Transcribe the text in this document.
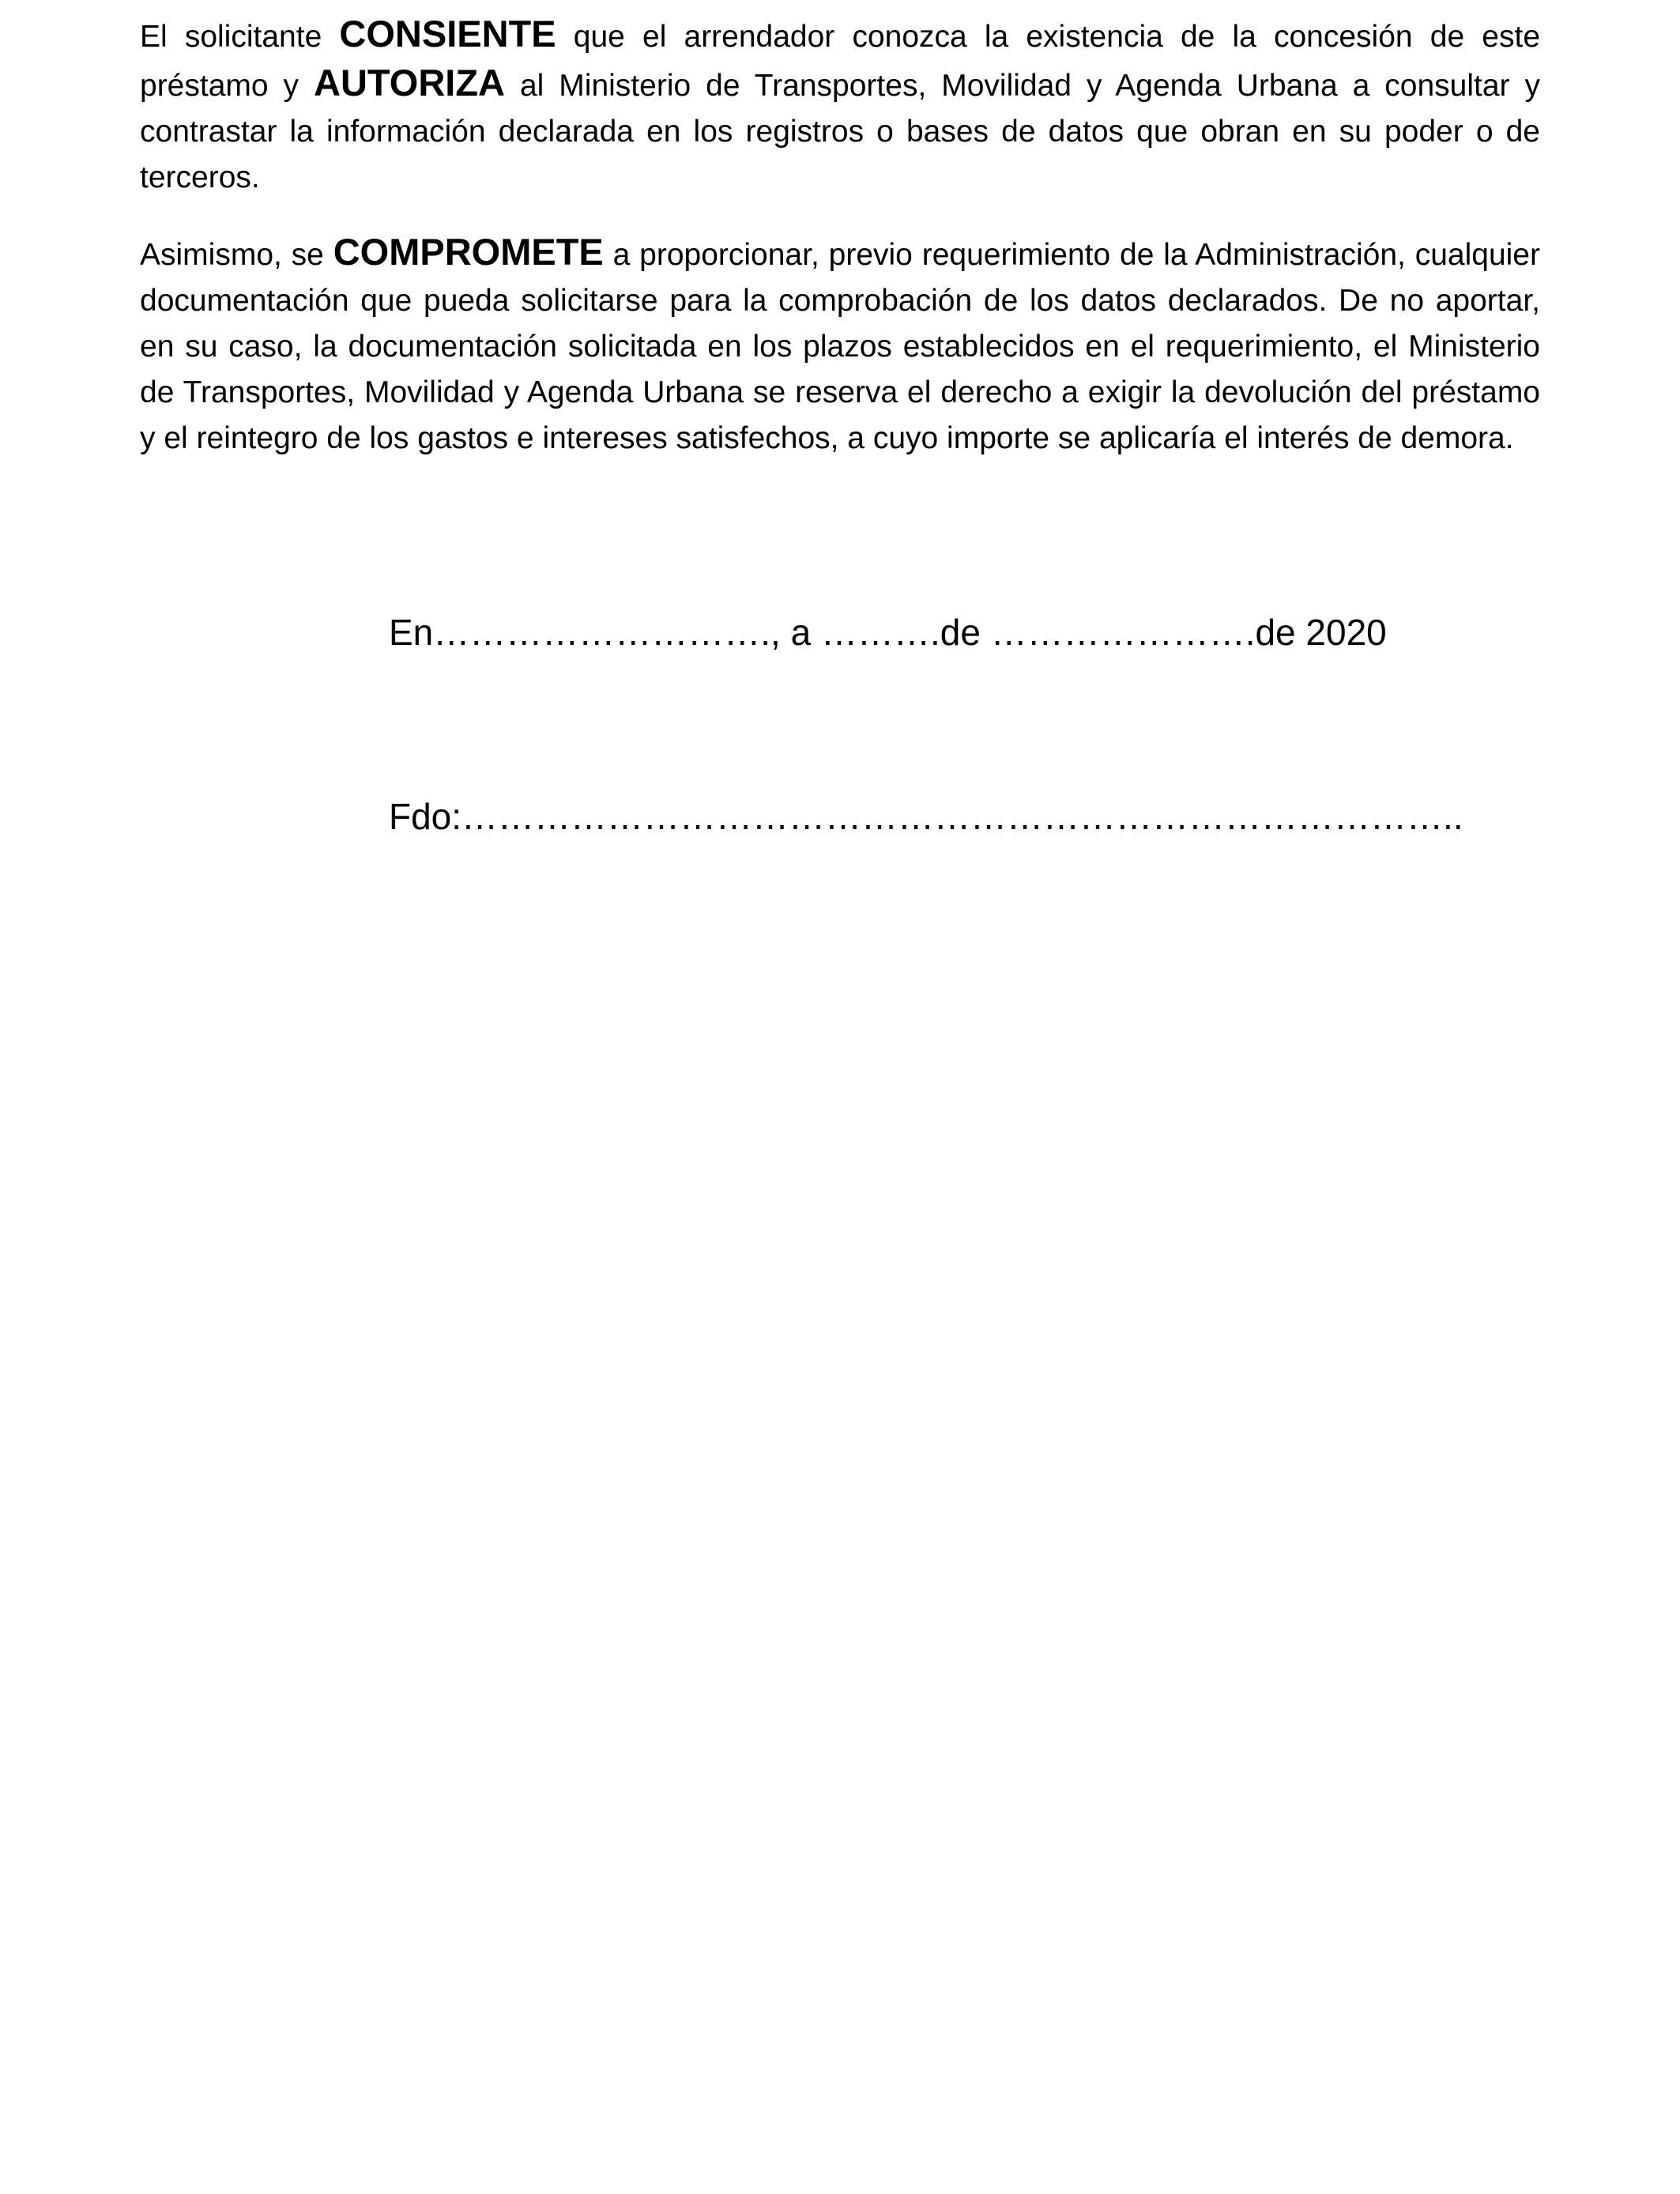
El solicitante CONSIENTE que el arrendador conozca la existencia de la concesión de este préstamo y AUTORIZA al Ministerio de Transportes, Movilidad y Agenda Urbana a consultar y contrastar la información declarada en los registros o bases de datos que obran en su poder o de terceros.

Asimismo, se COMPROMETE a proporcionar, previo requerimiento de la Administración, cualquier documentación que pueda solicitarse para la comprobación de los datos declarados. De no aportar, en su caso, la documentación solicitada en los plazos establecidos en el requerimiento, el Ministerio de Transportes, Movilidad y Agenda Urbana se reserva el derecho a exigir la devolución del préstamo y el reintegro de los gastos e intereses satisfechos, a cuyo importe se aplicaría el interés de demora.

En………………………., a ……….de ………………….de 2020
Fdo:………………………………………………………………………..
